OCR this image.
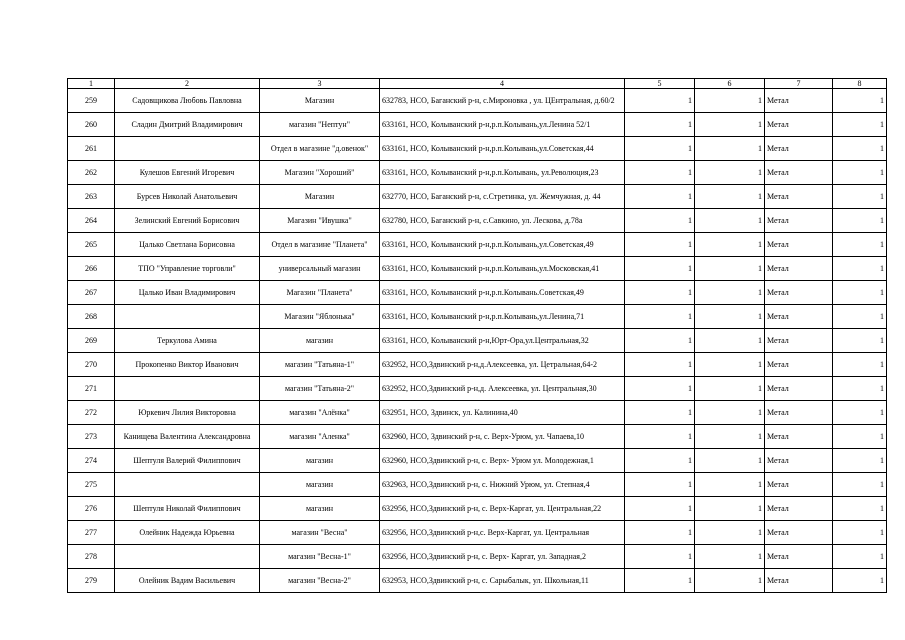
1	2	3	4	5	6	7	8
259	Садовщикова Любовь Павловна	Магазин	632783, НСО, Баганский р-н, с.Мироновка , ул. ЦЕнтральная, д.60/2	1	1	Метал	1
260	Сладин Дмитрий Владимирович	магазин "Нептун"	633161, НСО, Колыванский р-н,р.п.Колывань,ул.Ленина 52/1	1	1	Метал	1
261		Отдел в магазине "д.овенок"	633161, НСО, Колыванский р-н,р.п.Колывань,ул.Советская,44	1	1	Метал	1
262	Кулешов Евгений Игоревич	Магазин "Хороший"	633161, НСО, Колыванский р-н,р.п.Колывань, ул.Революция,23	1	1	Метал	1
263	Бурсев Николай Анатольевич	Магазин	632770, НСО, Баганский р-н, с.Стретинка, ул. Жемчужная, д. 44	1	1	Метал	1
264	Зелинский Евгений Борисович	Магазин "Ивушка"	632780, НСО, Баганский р-н, с.Савкино, ул. Лескова, д.78а	1	1	Метал	1
265	Цалько Светлана Борисовна	Отдел в магазине "Планета"	633161, НСО, Колыванский р-н,р.п.Колывань,ул.Советская,49	1	1	Метал	1
266	ТПО "Управление торговли"	универсальный магазин	633161, НСО, Колыванский р-н,р.п.Колывань,ул.Московская,41	1	1	Метал	1
267	Цалько Иван Владимирович	Магазин "Планета"	633161, НСО, Колыванский р-н,р.п.Колывань.Советская,49	1	1	Метал	1
268		Магазин "Яблонька"	633161, НСО, Колыванский р-н,р.п.Колывань,ул.Ленина,71	1	1	Метал	1
269	Теркулова Амина	магазин	633161, НСО, Колыванский р-н,Юрт-Ора,ул.Центральная,32	1	1	Метал	1
270	Прокопенко Виктор Иванович	магазин "Татьяна-1"	632952, НСО,Здвинский р-н,д.Алексеевка, ул. Цетральная,64-2	1	1	Метал	1
271		магазин "Татьяна-2"	632952, НСО,Здвинский р-н,д. Алексеевка, ул. Центральная,30	1	1	Метал	1
272	Юркевич Лилия Викторовна	магазин "Алёнка"	632951, НСО, Здвинск, ул. Калинина,40	1	1	Метал	1
273	Канищева Валентина Александровна	магазин "Аленка"	632960, НСО, Здвинский р-н, с. Верх-Урюм, ул. Чапаева,10	1	1	Метал	1
274	Шептуля Валерий Филиппович	магазин	632960, НСО,Здвинский р-н, с. Верх- Урюм ул. Молодежная,1	1	1	Метал	1
275		магазин	632963, НСО,Здвинский р-н, с. Нижний Урюм, ул. Степная,4	1	1	Метал	1
276	Шептуля Николай Филиппович	магазин	632956, НСО,Здвинский р-н, с. Верх-Каргат, ул. Центральная,22	1	1	Метал	1
277	Олейник Надежда Юрьевна	магазин "Весна"	632956, НСО,Здвинский р-н,с. Верх-Каргат, ул. Центральная	1	1	Метал	1
278		магазин "Весна-1"	632956, НСО,Здвинский р-н, с. Верх- Каргат, ул. Западная,2	1	1	Метал	1
279	Олейник Вадим Васильевич	магазин "Весна-2"	632953, НСО,Здвинский р-н, с. Сарыбалык, ул. Школьная,11	1	1	Метал	1
